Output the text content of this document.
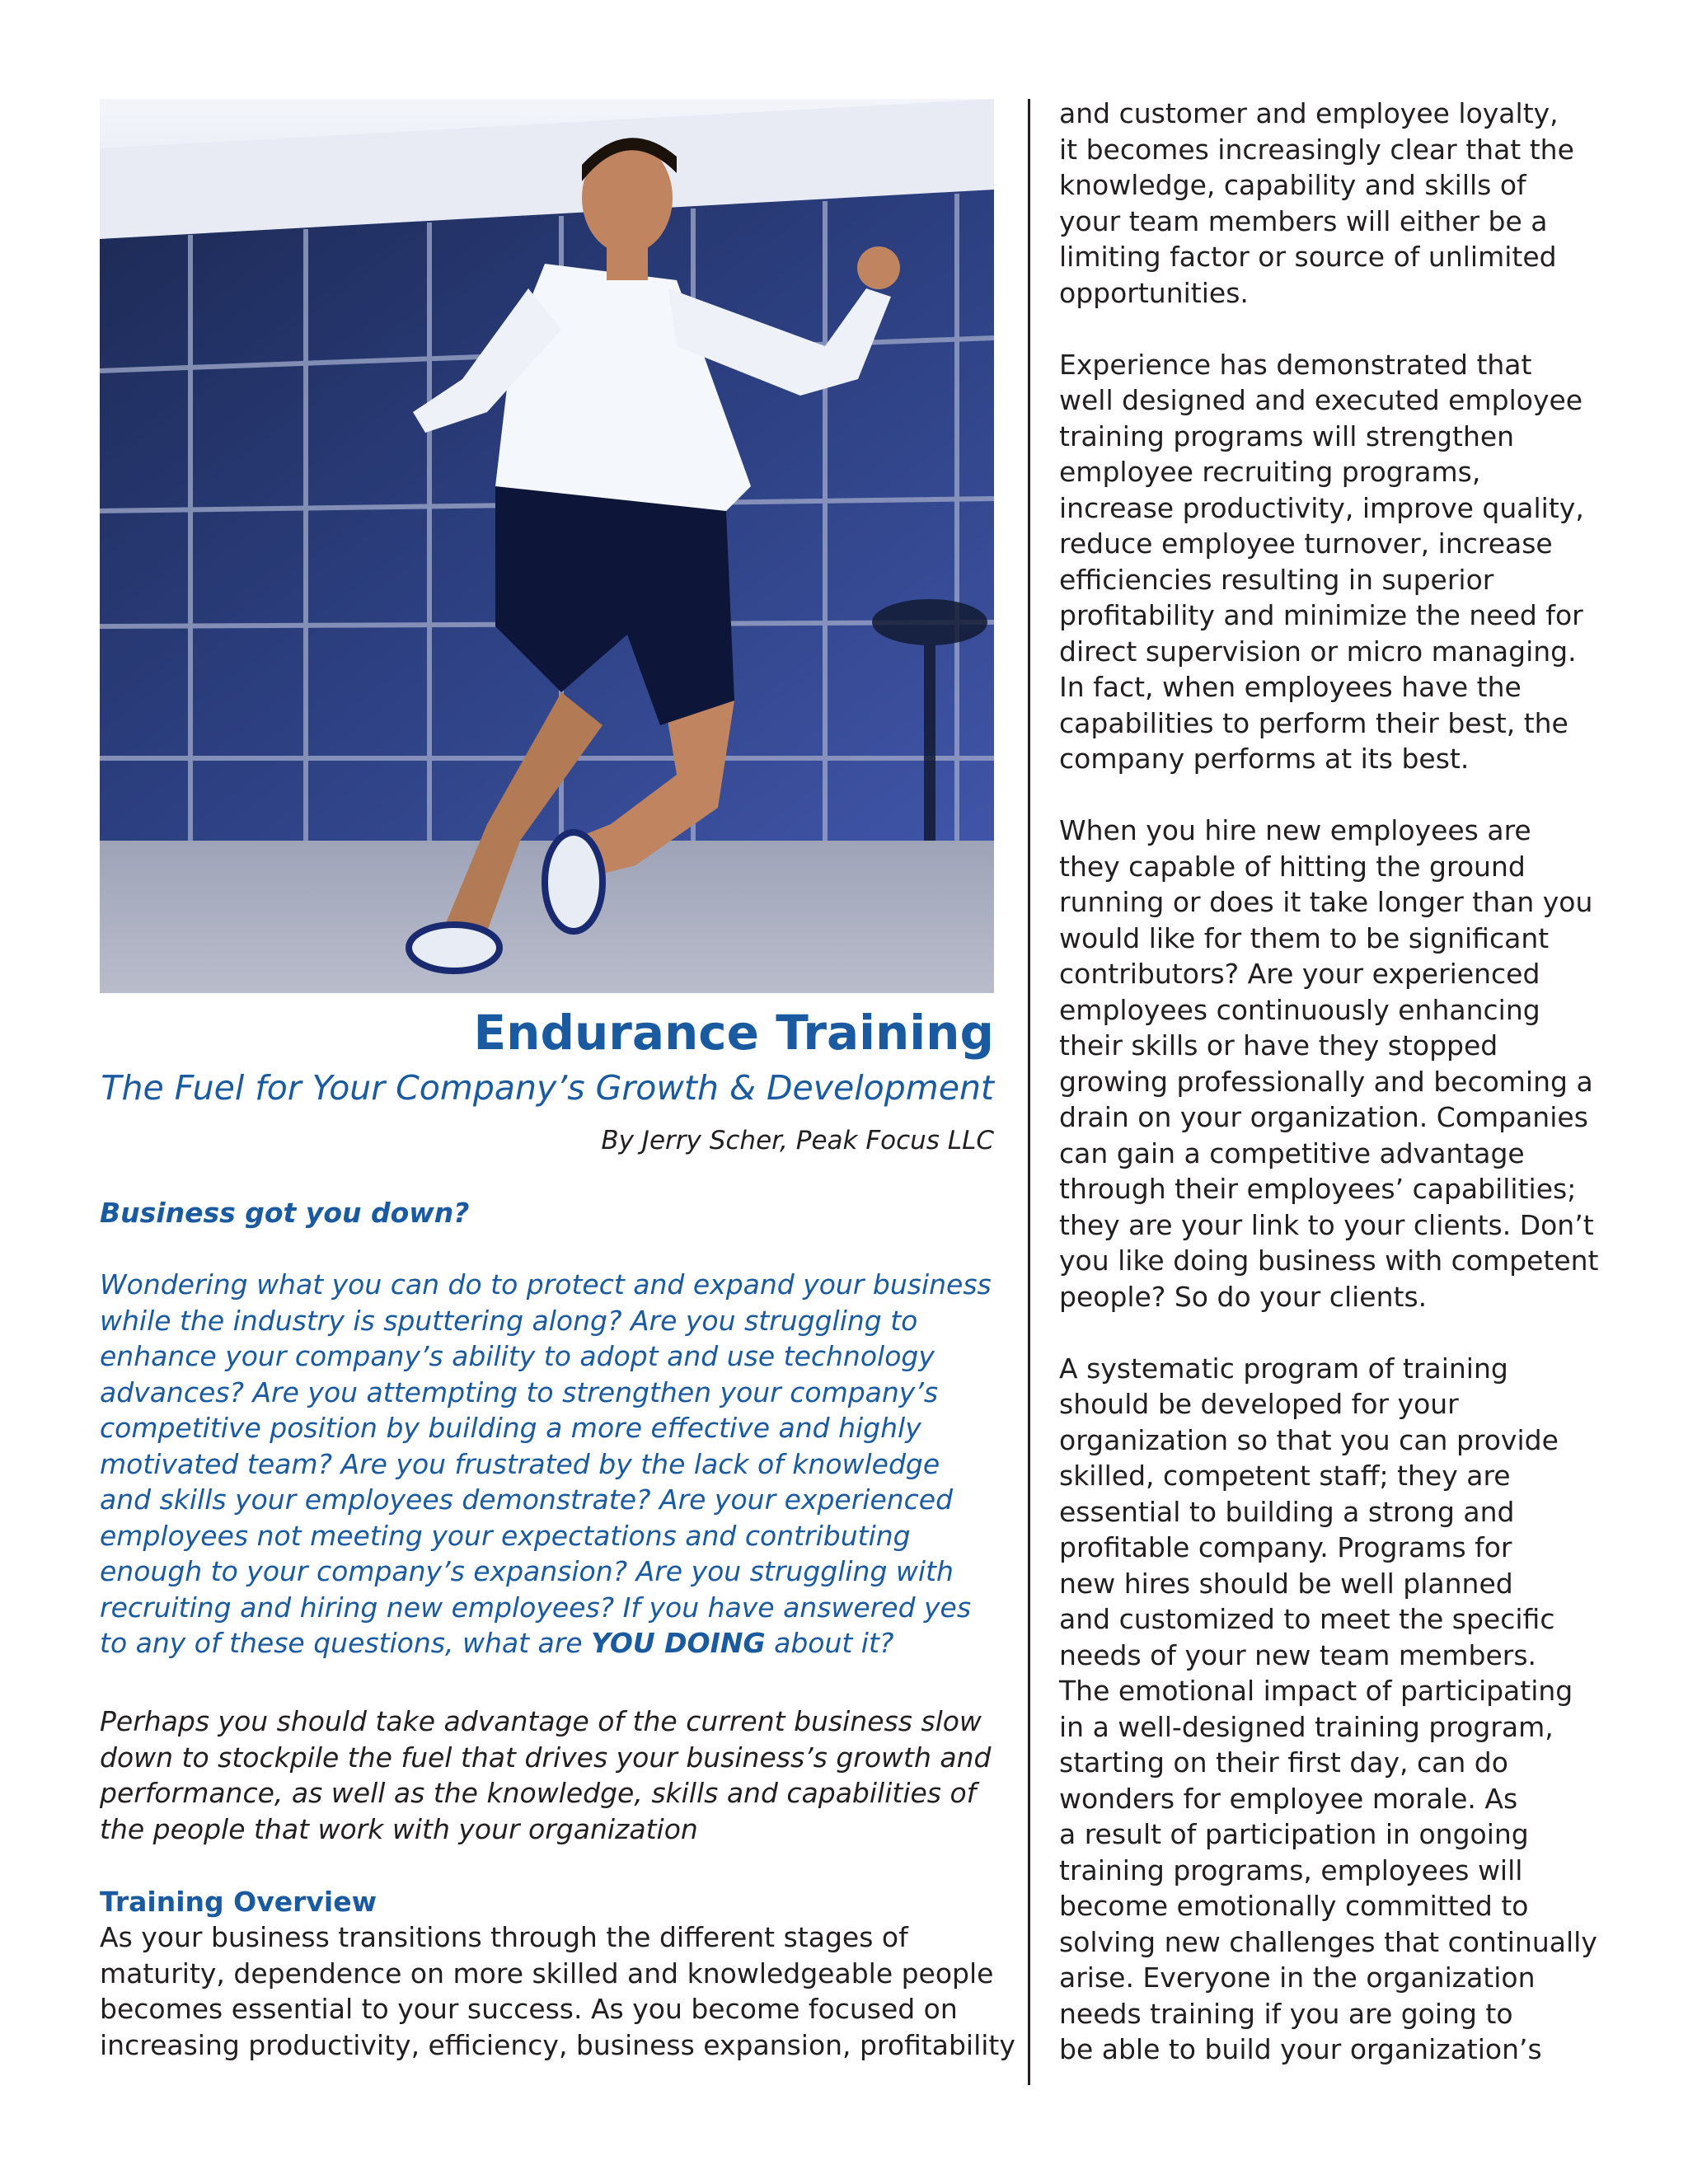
Endurance Training
The Fuel for Your Company’s Growth & Development
By Jerry Scher, Peak Focus LLC
Business got you down?
Wondering what you can do to protect and expand your business
while the industry is sputtering along? Are you struggling to
enhance your company’s ability to adopt and use technology
advances? Are you attempting to strengthen your company’s
competitive position by building a more effective and highly
motivated team? Are you frustrated by the lack of knowledge
and skills your employees demonstrate? Are your experienced
employees not meeting your expectations and contributing
enough to your company’s expansion? Are you struggling with
recruiting and hiring new employees? If you have answered yes
to any of these questions, what are YOU DOING about it?
Perhaps you should take advantage of the current business slow
down to stockpile the fuel that drives your business’s growth and
performance, as well as the knowledge, skills and capabilities of
the people that work with your organization
Training Overview
As your business transitions through the different stages of
maturity, dependence on more skilled and knowledgeable people
becomes essential to your success. As you become focused on
increasing productivity, efficiency, business expansion, profitability

and customer and employee loyalty,
it becomes increasingly clear that the
knowledge, capability and skills of
your team members will either be a
limiting factor or source of unlimited
opportunities.

Experience has demonstrated that
well designed and executed employee
training programs will strengthen
employee recruiting programs,
increase productivity, improve quality,
reduce employee turnover, increase
efficiencies resulting in superior
profitability and minimize the need for
direct supervision or micro managing.
In fact, when employees have the
capabilities to perform their best, the
company performs at its best.

When you hire new employees are
they capable of hitting the ground
running or does it take longer than you
would like for them to be significant
contributors? Are your experienced
employees continuously enhancing
their skills or have they stopped
growing professionally and becoming a
drain on your organization. Companies
can gain a competitive advantage
through their employees’ capabilities;
they are your link to your clients. Don’t
you like doing business with competent
people? So do your clients.

A systematic program of training
should be developed for your
organization so that you can provide
skilled, competent staff; they are
essential to building a strong and
profitable company. Programs for
new hires should be well planned
and customized to meet the specific
needs of your new team members.
The emotional impact of participating
in a well-designed training program,
starting on their first day, can do
wonders for employee morale. As
a result of participation in ongoing
training programs, employees will
become emotionally committed to
solving new challenges that continually
arise. Everyone in the organization
needs training if you are going to
be able to build your organization’s
